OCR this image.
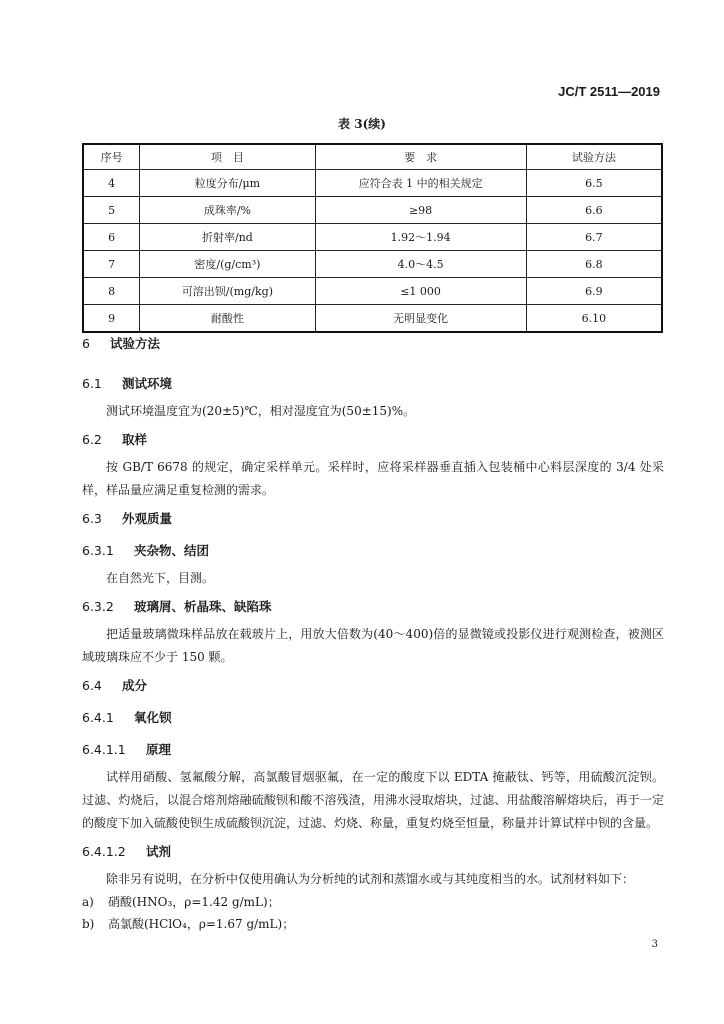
JC/T 2511—2019
表 3(续)
序号	项　目	要　求	试验方法
4	粒度分布/μm	应符合表 1 中的相关规定	6.5
5	成珠率/%	≥98	6.6
6	折射率/nd	1.92～1.94	6.7
7	密度/(g/cm³)	4.0～4.5	6.8
8	可溶出钡/(mg/kg)	≤1 000	6.9
9	耐酸性	无明显变化	6.10
6 试验方法
6.1 测试环境

测试环境温度宜为(20±5)℃，相对湿度宜为(50±15)%。

6.2 取样

按 GB/T 6678 的规定，确定采样单元。采样时，应将采样器垂直插入包装桶中心料层深度的 3/4 处采样，样品量应满足重复检测的需求。

6.3 外观质量
6.3.1 夹杂物、结团

在自然光下，目测。

6.3.2 玻璃屑、析晶珠、缺陷珠

把适量玻璃微珠样品放在载玻片上，用放大倍数为(40～400)倍的显微镜或投影仪进行观测检查，被测区域玻璃珠应不少于 150 颗。

6.4 成分
6.4.1 氧化钡
6.4.1.1 原理

试样用硝酸、氢氟酸分解，高氯酸冒烟驱氟，在一定的酸度下以 EDTA 掩蔽钛、钙等，用硫酸沉淀钡。过滤、灼烧后，以混合熔剂熔融硫酸钡和酸不溶残渣，用沸水浸取熔块，过滤、用盐酸溶解熔块后，再于一定的酸度下加入硫酸使钡生成硫酸钡沉淀，过滤、灼烧、称量，重复灼烧至恒量，称量并计算试样中钡的含量。

6.4.1.2 试剂

除非另有说明，在分析中仅使用确认为分析纯的试剂和蒸馏水或与其纯度相当的水。试剂材料如下：

a) 硝酸(HNO₃，ρ=1.42 g/mL)；

b) 高氯酸(HClO₄，ρ=1.67 g/mL)；

3
